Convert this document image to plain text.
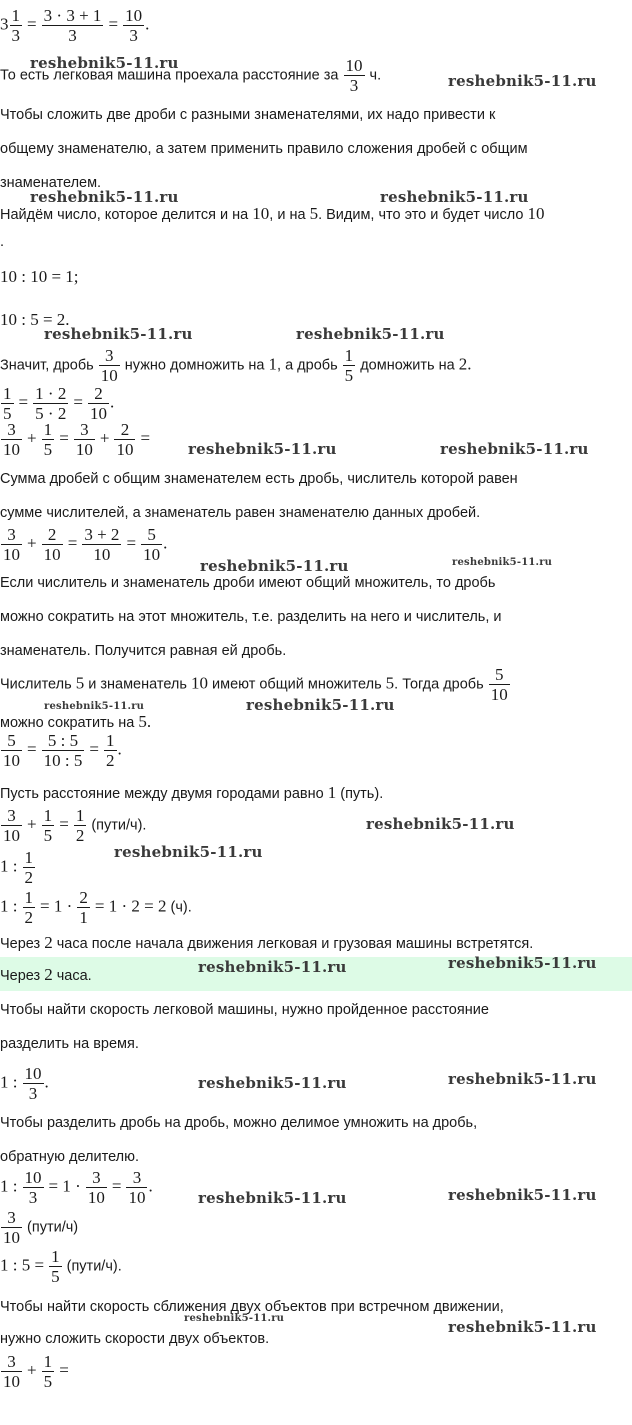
$3 \frac{1}{3} = \frac{3 \cdot 3 + 1}{3} = \frac{10}{3}$ .
То есть легковая машина проехала расстояние за $\frac{10}{3} ч$.
Чтобы сложить две дроби с разными знаменателями, их надо привести к
общему знаменателю, а затем применить правило сложения дробей с общим
знаменателем.
Найдём число, которое делится и на 10, и на 5. Видим, что это и будет число 10
.
10 : 10 = 1;
10 : 5 = 2.
Значит, дробь $\frac{3}{10}$ нужно домножить на 1, а дробь $\frac{1}{5}$ домножить на 2.
$\frac{1}{5} = \frac{1 \cdot 2}{5 \cdot 2} = \frac{2}{10}$ .
$\frac{3}{10} + \frac{1}{5} = \frac{3}{10} + \frac{2}{10}$ =
Сумма дробей с общим знаменателем есть дробь, числитель которой равен
сумме числителей, а знаменатель равен знаменателю данных дробей.
$\frac{3}{10} + \frac{2}{10} = \frac{3 + 2}{10} = \frac{5}{10}$ .
Если числитель и знаменатель дроби имеют общий множитель, то дробь
можно сократить на этот множитель, т.е. разделить на него и числитель, и
знаменатель. Получится равная ей дробь.
Числитель 5 и знаменатель 10 имеют общий множитель 5. Тогда дробь $\frac{5}{10}$
можно сократить на 5.
$\frac{5}{10} = \frac{5 : 5}{10 : 5} = \frac{1}{2}$ .
Пусть расстояние между двумя городами равно 1 (путь).
$\frac{3}{10} + \frac{1}{5} = \frac{1}{2}$ (пути/ч).
1 : $\frac{1}{2}$
1 : $\frac{1}{2} = 1 \cdot \frac{2}{1} = 1 \cdot 2 = 2$ (ч).
Через 2 часа после начала движения легковая и грузовая машины встретятся.
Через 2 часа.
Чтобы найти скорость легковой машины, нужно пройденное расстояние
разделить на время.
1 : $\frac{10}{3}$ .
Чтобы разделить дробь на дробь, можно делимое умножить на дробь,
обратную делителю.
1 : $\frac{10}{3} = 1 \cdot \frac{3}{10} = \frac{3}{10}$ .
$\frac{3}{10}$ (пути/ч)
1 : $5 = \frac{1}{5}$ (пути/ч).
Чтобы найти скорость сближения двух объектов при встречном движении,
нужно сложить скорости двух объектов.
$\frac{3}{10} + \frac{1}{5}$ =
reshebnik5-11.ru
reshebnik5-11.ru
reshebnik5-11.ru	reshebnik5-11.ru
reshebnik5-11.ru	reshebnik5-11.ru
reshebnik5-11.ru	reshebnik5-11.ru
reshebnik5-11.ru	reshebnik5-11.ru
reshebnik5-11.ru	reshebnik5-11.ru
reshebnik5-11.ru
reshebnik5-11.ru
reshebnik5-11.ru	reshebnik5-11.ru
reshebnik5-11.ru	reshebnik5-11.ru
reshebnik5-11.ru	reshebnik5-11.ru
reshebnik5-11.ru	reshebnik5-11.ru
